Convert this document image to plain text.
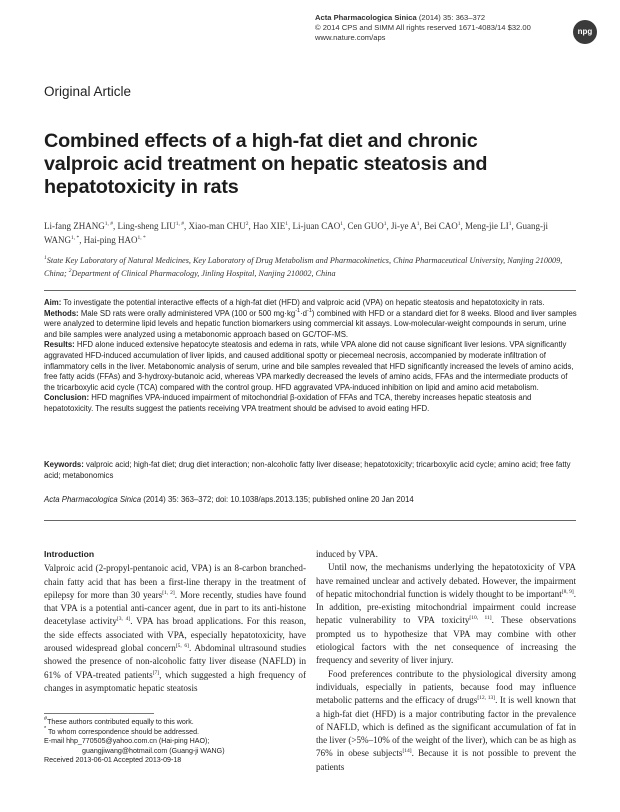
Acta Pharmacologica Sinica (2014) 35: 363–372
© 2014 CPS and SIMM All rights reserved 1671-4083/14 $32.00
www.nature.com/aps
npg
Original Article
Combined effects of a high-fat diet and chronic valproic acid treatment on hepatic steatosis and hepatotoxicity in rats
Li-fang $ZHANG^{1, \#}$, Ling-sheng $LIU^{1, \#}$, Xiao-man CHU$^2$, Hao XIE$^1$, Li-juan CAO$^1$, Cen GUO$^1$, Ji-ye $A^1$, Bei CAO$^1$, Meng-jie $LI^1$, Guang-ji $WANG^{1, *}$, Hai-ping $HAO^{1, *}$
$^1$State Key Laboratory of Natural Medicines, Key Laboratory of Drug Metabolism and Pharmacokinetics, China Pharmaceutical University, Nanjing 210009, China; $^2$Department of Clinical Pharmacology, Jinling Hospital, Nanjing 210002, China
Aim: To investigate the potential interactive effects of a high-fat diet (HFD) and valproic acid (VPA) on hepatic steatosis and hepatotoxicity in rats.
Methods: Male SD rats were orally administered VPA (100 or 500 $mg\cdot kg^{-1}\cdot d^{-1}$) combined with HFD or a standard diet for 8 weeks. Blood and liver samples were analyzed to determine lipid levels and hepatic function biomarkers using commercial kit assays. Low-molecular-weight compounds in serum, urine and bile samples were analyzed using a metabonomic approach based on GC/TOF-MS.
Results: HFD alone induced extensive hepatocyte steatosis and edema in rats, while VPA alone did not cause significant liver lesions. VPA significantly aggravated HFD-induced accumulation of liver lipids, and caused additional spotty or piecemeal necrosis, accompanied by moderate infiltration of inflammatory cells in the liver. Metabonomic analysis of serum, urine and bile samples revealed that HFD significantly increased the levels of amino acids, free fatty acids (FFAs) and 3-hydroxy-butanoic acid, whereas VPA markedly decreased the levels of amino acids, FFAs and the intermediate products of the tricarboxylic acid cycle (TCA) compared with the control group. HFD aggravated VPA-induced inhibition on lipid and amino acid metabolism.
Conclusion: HFD magnifies VPA-induced impairment of mitochondrial β-oxidation of FFAs and TCA, thereby increases hepatic steatosis and hepatotoxicity. The results suggest the patients receiving VPA treatment should be advised to avoid eating HFD.
Keywords: valproic acid; high-fat diet; drug diet interaction; non-alcoholic fatty liver disease; hepatotoxicity; tricarboxylic acid cycle; amino acid; free fatty acid; metabonomics
Acta Pharmacologica Sinica (2014) 35: 363–372; doi: 10.1038/aps.2013.135; published online 20 Jan 2014
Introduction

Valproic acid (2-propyl-pentanoic acid, VPA) is an 8-carbon branched-chain fatty acid that has been a first-line therapy in the treatment of epilepsy for more than 30 years[1, 2]. More recently, studies have found that VPA is a potential anti-cancer agent, due in part to its anti-histone deacetylase activity[3, 4]. VPA has broad applications. For this reason, the side effects associated with VPA, especially hepatotoxicity, have aroused widespread global concern[5, 6]. Abdominal ultrasound studies showed the presence of non-alcoholic fatty liver disease (NAFLD) in 61% of VPA-treated patients[7], which suggested a high frequency of changes in asymptomatic hepatic steatosis

induced by VPA.

Until now, the mechanisms underlying the hepatotoxicity of VPA have remained unclear and actively debated. However, the impairment of hepatic mitochondrial function is widely thought to be important[8, 9]. In addition, pre-existing mitochondrial impairment could increase hepatic vulnerability to VPA toxicity[10, 11]. These observations prompted us to hypothesize that VPA may combine with other etiological factors with the net consequence of increasing the frequency and severity of liver injury.

Food preferences contribute to the physiological diversity among individuals, especially in patients, because food may influence metabolic patterns and the efficacy of drugs[12, 13]. It is well known that a high-fat diet (HFD) is a major contributing factor in the prevalence of NAFLD, which is defined as the significant accumulation of fat in the liver (>5%–10% of the weight of the liver), which can be as high as 76% in obese subjects[14]. Because it is not possible to prevent the patients

#These authors contributed equally to this work.
* To whom correspondence should be addressed.
E-mail hhp_770505@yahoo.com.cn (Hai-ping HAO);
guangjiwang@hotmail.com (Guang-ji WANG)
Received 2013-06-01 Accepted 2013-09-18
